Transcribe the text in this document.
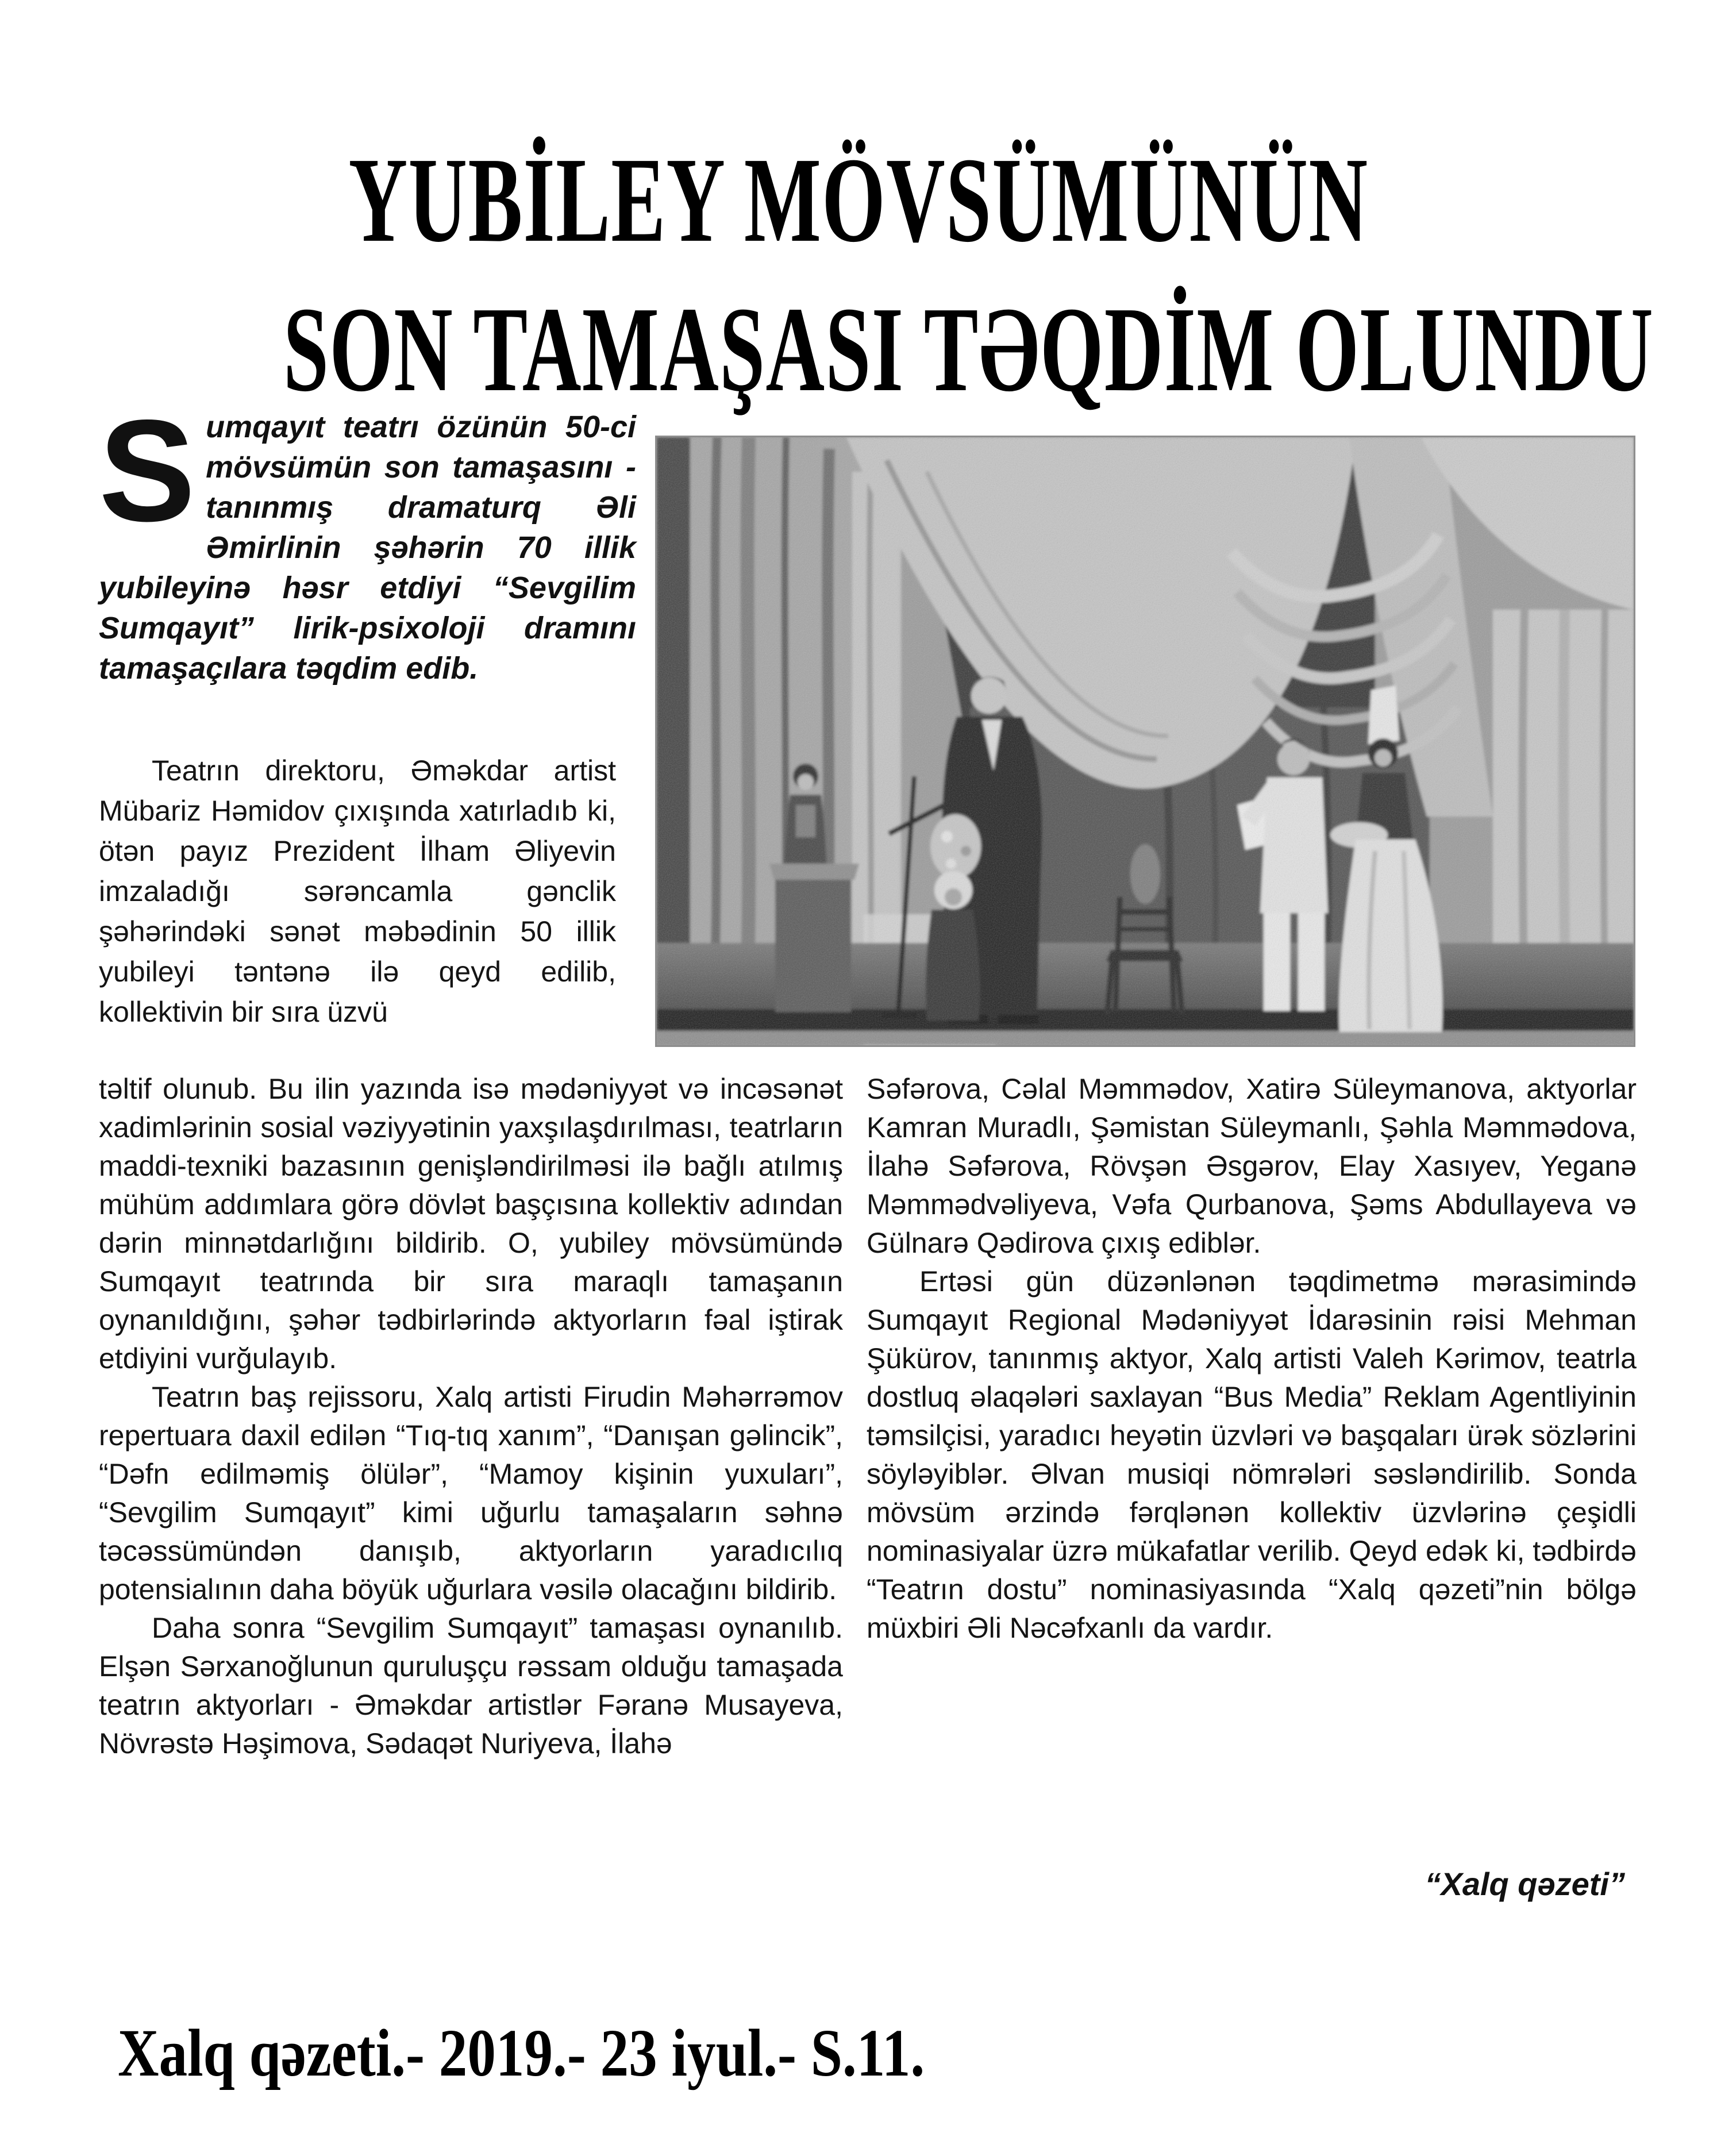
YUBİLEY MÖVSÜMÜNÜN
SON TAMAŞASI TƏQDİM OLUNDU
Sumqayıt teatrı özünün 50-ci mövsümün son tamaşasını - tanınmış dramaturq Əli Əmirlinin şəhərin 70 illik yubileyinə həsr etdiyi “Sevgilim Sumqayıt” lirik-psixoloji dramını tamaşaçılara təqdim edib.

Teatrın direktoru, Əməkdar artist Mübariz Həmidov çıxışında xatırladıb ki, ötən payız Prezident İlham Əliyevin imzaladığı sərəncamla gənclik şəhərindəki sənət məbədinin 50 illik yubileyi təntənə ilə qeyd edilib, kollektivin bir sıra üzvü

təltif olunub. Bu ilin yazında isə mədəniyyət və incəsənət xadimlərinin sosial vəziyyətinin yaxşılaşdırılması, teatrların maddi-texniki bazasının genişləndirilməsi ilə bağlı atılmış mühüm addımlara görə dövlət başçısına kollektiv adından dərin minnətdarlığını bildirib. O, yubiley mövsümündə Sumqayıt teatrında bir sıra maraqlı tamaşanın oynanıldığını, şəhər tədbirlərində aktyorların fəal iştirak etdiyini vurğulayıb.

Teatrın baş rejissoru, Xalq artisti Firudin Məhərrəmov repertuara daxil edilən “Tıq-tıq xanım”, “Danışan gəlincik”, “Dəfn edilməmiş ölülər”, “Mamoy kişinin yuxuları”, “Sevgilim Sumqayıt” kimi uğurlu tamaşaların səhnə təcəssümündən danışıb, aktyorların yaradıcılıq potensialının daha böyük uğurlara vəsilə olacağını bildirib.

Daha sonra “Sevgilim Sumqayıt” tamaşası oynanılıb. Elşən Sərxanoğlunun quruluşçu rəssam olduğu tamaşada teatrın aktyorları - Əməkdar artistlər Fəranə Musayeva, Növrəstə Həşimova, Sədaqət Nuriyeva, İlahə

Səfərova, Cəlal Məmmədov, Xatirə Süleymanova, aktyorlar Kamran Muradlı, Şəmistan Süleymanlı, Şəhla Məmmədova, İlahə Səfərova, Rövşən Əsgərov, Elay Xasıyev, Yeganə Məmmədvəliyeva, Vəfa Qurbanova, Şəms Abdullayeva və Gülnarə Qədirova çıxış ediblər.

Ertəsi gün düzənlənən təqdimetmə mərasimində Sumqayıt Regional Mədəniyyət İdarəsinin rəisi Mehman Şükürov, tanınmış aktyor, Xalq artisti Valeh Kərimov, teatrla dostluq əlaqələri saxlayan “Bus Media” Reklam Agentliyinin təmsilçisi, yaradıcı heyətin üzvləri və başqaları ürək sözlərini söyləyiblər. Əlvan musiqi nömrələri səsləndirilib. Sonda mövsüm ərzində fərqlənən kollektiv üzvlərinə çeşidli nominasiyalar üzrə mükafatlar verilib. Qeyd edək ki, tədbirdə “Teatrın dostu” nominasiyasında “Xalq qəzeti”nin bölgə müxbiri Əli Nəcəfxanlı da vardır.

“Xalq qəzeti”
Xalq qəzeti.- 2019.- 23 iyul.- S.11.
